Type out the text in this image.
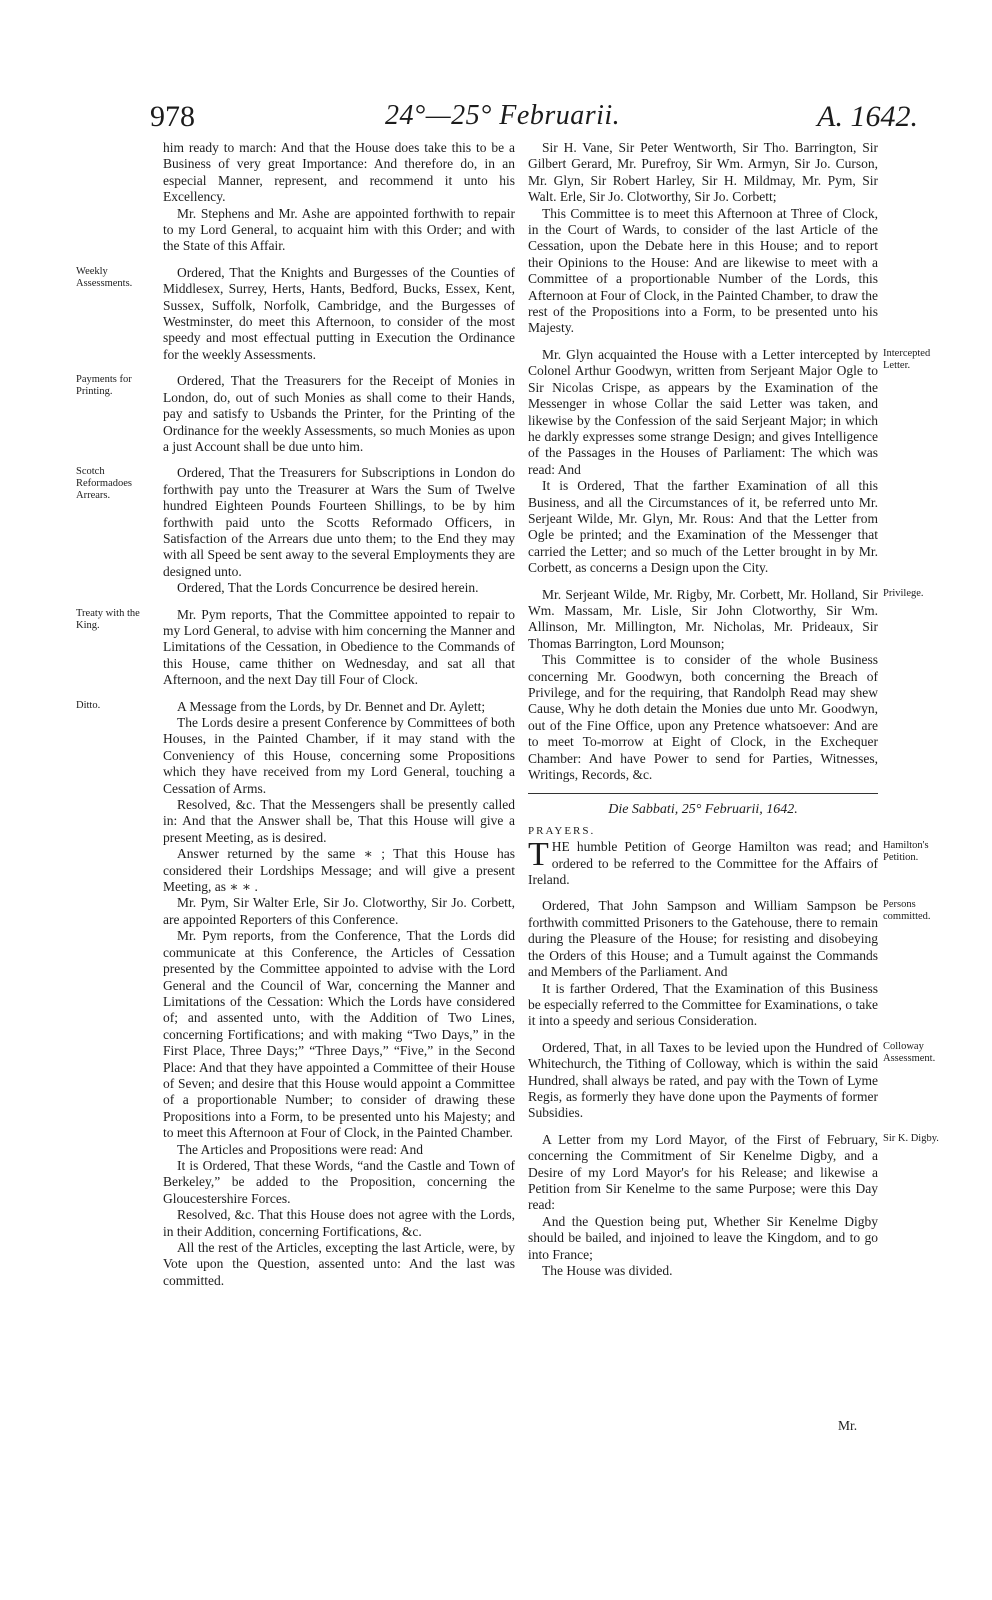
978	24°—25° Februarii.	A. 1642.

him ready to march: And that the House does take this to be a Business of very great Importance: And therefore do, in an especial Manner, represent, and recommend it unto his Excellency.

Mr. Stephens and Mr. Ashe are appointed forthwith to repair to my Lord General, to acquaint him with this Order; and with the State of this Affair.

Weekly Assessments.
Ordered, That the Knights and Burgesses of the Counties of Middlesex, Surrey, Herts, Hants, Bedford, Bucks, Essex, Kent, Sussex, Suffolk, Norfolk, Cambridge, and the Burgesses of Westminster, do meet this Afternoon, to consider of the most speedy and most effectual putting in Execution the Ordinance for the weekly Assessments.

Payments for Printing.
Ordered, That the Treasurers for the Receipt of Monies in London, do, out of such Monies as shall come to their Hands, pay and satisfy to Usbands the Printer, for the Printing of the Ordinance for the weekly Assessments, so much Monies as upon a just Account shall be due unto him.

Scotch Reformadoes Arrears.
Ordered, That the Treasurers for Subscriptions in London do forthwith pay unto the Treasurer at Wars the Sum of Twelve hundred Eighteen Pounds Fourteen Shillings, to be by him forthwith paid unto the Scotts Reformado Officers, in Satisfaction of the Arrears due unto them; to the End they may with all Speed be sent away to the several Employments they are designed unto.

Ordered, That the Lords Concurrence be desired herein.

Treaty with the King.
Mr. Pym reports, That the Committee appointed to repair to my Lord General, to advise with him concerning the Manner and Limitations of the Cessation, in Obedience to the Commands of this House, came thither on Wednesday, and sat all that Afternoon, and the next Day till Four of Clock.

Ditto.	A Message from the Lords, by Dr. Bennet and Dr. Aylett;

The Lords desire a present Conference by Committees of both Houses, in the Painted Chamber, if it may stand with the Conveniency of this House, concerning some Propositions which they have received from my Lord General, touching a Cessation of Arms.

Resolved, &c. That the Messengers shall be presently called in: And that the Answer shall be, That this House will give a present Meeting, as is desired.

Answer returned by the same ∗ ; That this House has considered their Lordships Message; and will give a present Meeting, as ∗ ∗ .

Mr. Pym, Sir Walter Erle, Sir Jo. Clotworthy, Sir Jo. Corbett, are appointed Reporters of this Conference.

Mr. Pym reports, from the Conference, That the Lords did communicate at this Conference, the Articles of Cessation presented by the Committee appointed to advise with the Lord General and the Council of War, concerning the Manner and Limitations of the Cessation: Which the Lords have considered of; and assented unto, with the Addition of Two Lines, concerning Fortifications; and with making “Two Days,” in the First Place, Three Days;” “Three Days,” “Five,” in the Second Place: And that they have appointed a Committee of their House of Seven; and desire that this House would appoint a Committee of a proportionable Number; to consider of drawing these Propositions into a Form, to be presented unto his Majesty; and to meet this Afternoon at Four of Clock, in the Painted Chamber.

The Articles and Propositions were read: And

It is Ordered, That these Words, “and the Castle and Town of Berkeley,” be added to the Proposition, concerning the Gloucestershire Forces.

Resolved, &c. That this House does not agree with the Lords, in their Addition, concerning Fortifications, &c.

All the rest of the Articles, excepting the last Article, were, by Vote upon the Question, assented unto: And the last was committed.

Sir H. Vane, Sir Peter Wentworth, Sir Tho. Barrington, Sir Gilbert Gerard, Mr. Purefroy, Sir Wm. Armyn, Sir Jo. Curson, Mr. Glyn, Sir Robert Harley, Sir H. Mildmay, Mr. Pym, Sir Walt. Erle, Sir Jo. Clotworthy, Sir Jo. Corbett;

This Committee is to meet this Afternoon at Three of Clock, in the Court of Wards, to consider of the last Article of the Cessation, upon the Debate here in this House; and to report their Opinions to the House: And are likewise to meet with a Committee of a proportionable Number of the Lords, this Afternoon at Four of Clock, in the Painted Chamber, to draw the rest of the Propositions into a Form, to be presented unto his Majesty.

Intercepted Letter.
Mr. Glyn acquainted the House with a Letter intercepted by Colonel Arthur Goodwyn, written from Serjeant Major Ogle to Sir Nicolas Crispe, as appears by the Examination of the Messenger in whose Collar the said Letter was taken, and likewise by the Confession of the said Serjeant Major; in which he darkly expresses some strange Design; and gives Intelligence of the Passages in the Houses of Parliament: The which was read: And

It is Ordered, That the farther Examination of all this Business, and all the Circumstances of it, be referred unto Mr. Serjeant Wilde, Mr. Glyn, Mr. Rous: And that the Letter from Ogle be printed; and the Examination of the Messenger that carried the Letter; and so much of the Letter brought in by Mr. Corbett, as concerns a Design upon the City.

Privilege.
Mr. Serjeant Wilde, Mr. Rigby, Mr. Corbett, Mr. Holland, Sir Wm. Massam, Mr. Lisle, Sir John Clotworthy, Sir Wm. Allinson, Mr. Millington, Mr. Nicholas, Mr. Prideaux, Sir Thomas Barrington, Lord Mounson;

This Committee is to consider of the whole Business concerning Mr. Goodwyn, both concerning the Breach of Privilege, and for the requiring, that Randolph Read may shew Cause, Why he doth detain the Monies due unto Mr. Goodwyn, out of the Fine Office, upon any Pretence whatsoever: And are to meet To-morrow at Eight of Clock, in the Exchequer Chamber: And have Power to send for Parties, Witnesses, Writings, Records, &c.

Die Sabbati, 25° Februarii, 1642.

PRAYERS.

Hamilton's Petition.
T HE humble Petition of George Hamilton was read; and ordered to be referred to the Committee for the Affairs of Ireland.

Persons committed.
Ordered, That John Sampson and William Sampson be forthwith committed Prisoners to the Gatehouse, there to remain during the Pleasure of the House; for resisting and disobeying the Orders of this House; and a Tumult against the Commands and Members of the Parliament. And

It is farther Ordered, That the Examination of this Business be especially referred to the Committee for Examinations, o take it into a speedy and serious Consideration.

Colloway Assessment.
Ordered, That, in all Taxes to be levied upon the Hundred of Whitechurch, the Tithing of Colloway, which is within the said Hundred, shall always be rated, and pay with the Town of Lyme Regis, as formerly they have done upon the Payments of former Subsidies.

Sir K. Digby.
A Letter from my Lord Mayor, of the First of February, concerning the Commitment of Sir Kenelme Digby, and a Desire of my Lord Mayor's for his Release; and likewise a Petition from Sir Kenelme to the same Purpose; were this Day read:

And the Question being put, Whether Sir Kenelme Digby should be bailed, and injoined to leave the Kingdom, and to go into France;

The House was divided.

Mr.
